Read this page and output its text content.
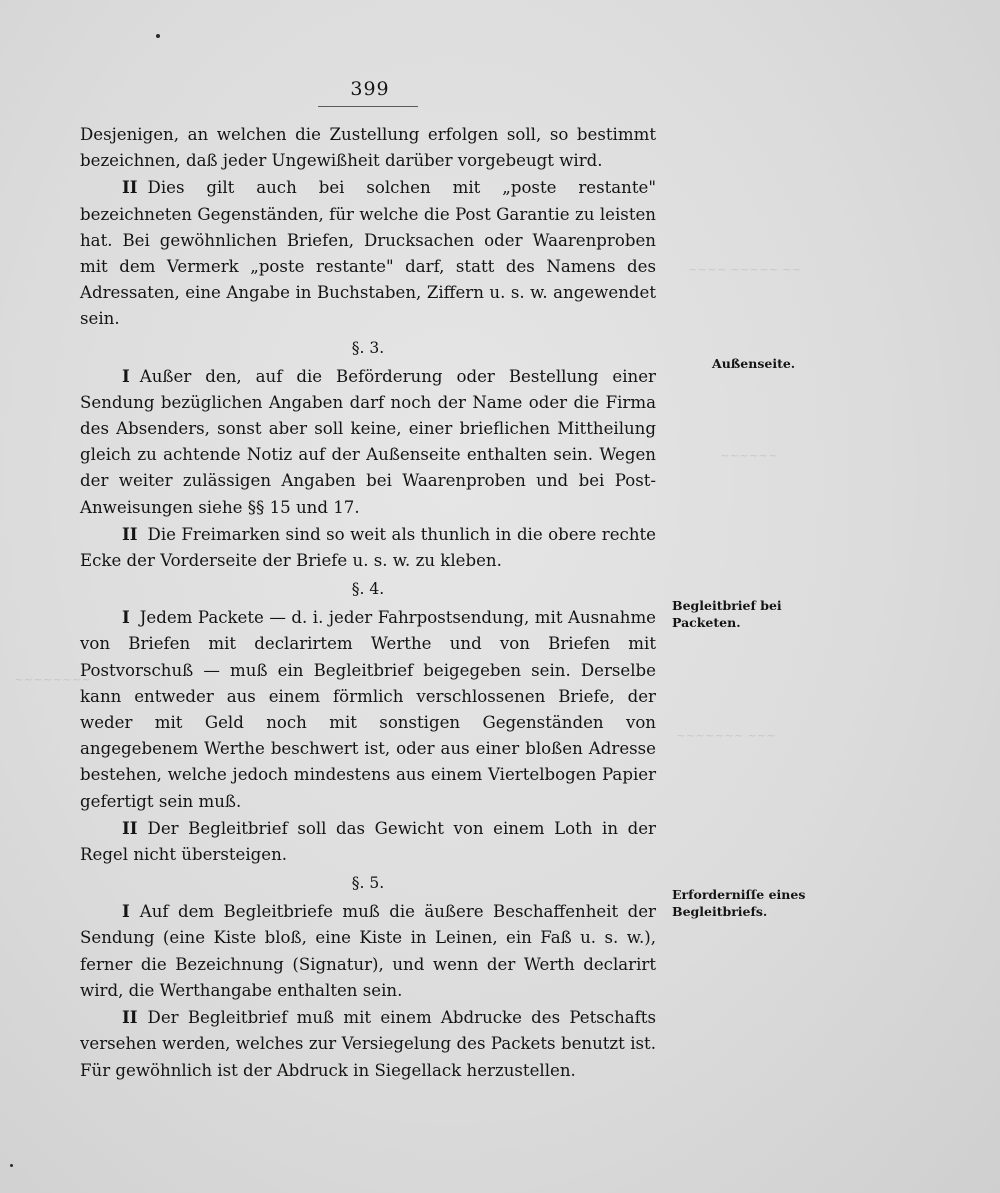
~~~~ ~~~~~ ~~
~~~~~~
~~~~~~~ ~~~
~~~~~~~~
399

Desjenigen, an welchen die Zustellung erfolgen soll, so bestimmt bezeichnen, daß jeder Ungewißheit darüber vorgebeugt wird.

II Dies gilt auch bei solchen mit „poste restante" bezeichneten Gegenständen, für welche die Post Garantie zu leisten hat. Bei gewöhnlichen Briefen, Drucksachen oder Waarenproben mit dem Vermerk „poste restante" darf, statt des Namens des Adressaten, eine Angabe in Buchstaben, Ziffern u. s. w. angewendet sein.

§. 3.

I Außer den, auf die Beförderung oder Bestellung einer Sendung bezüglichen Angaben darf noch der Name oder die Firma des Absenders, sonst aber soll keine, einer brieflichen Mittheilung gleich zu achtende Notiz auf der Außenseite enthalten sein. Wegen der weiter zulässigen Angaben bei Waarenproben und bei Post-Anweisungen siehe §§ 15 und 17.

II Die Freimarken sind so weit als thunlich in die obere rechte Ecke der Vorderseite der Briefe u. s. w. zu kleben.

§. 4.

I Jedem Packete — d. i. jeder Fahrpostsendung, mit Ausnahme von Briefen mit declarirtem Werthe und von Briefen mit Postvorschuß — muß ein Begleitbrief beigegeben sein. Derselbe kann entweder aus einem förmlich verschlossenen Briefe, der weder mit Geld noch mit sonstigen Gegenständen von angegebenem Werthe beschwert ist, oder aus einer bloßen Adresse bestehen, welche jedoch mindestens aus einem Viertelbogen Papier gefertigt sein muß.

II Der Begleitbrief soll das Gewicht von einem Loth in der Regel nicht übersteigen.

§. 5.

I Auf dem Begleitbriefe muß die äußere Beschaffenheit der Sendung (eine Kiste bloß, eine Kiste in Leinen, ein Faß u. s. w.), ferner die Bezeichnung (Signatur), und wenn der Werth declarirt wird, die Werthangabe enthalten sein.

II Der Begleitbrief muß mit einem Abdrucke des Petschafts versehen werden, welches zur Versiegelung des Packets benutzt ist. Für gewöhnlich ist der Abdruck in Siegellack herzustellen.

Außenseite.
Begleitbrief bei Packeten.
Erforderniſſe eines Begleitbriefs.
